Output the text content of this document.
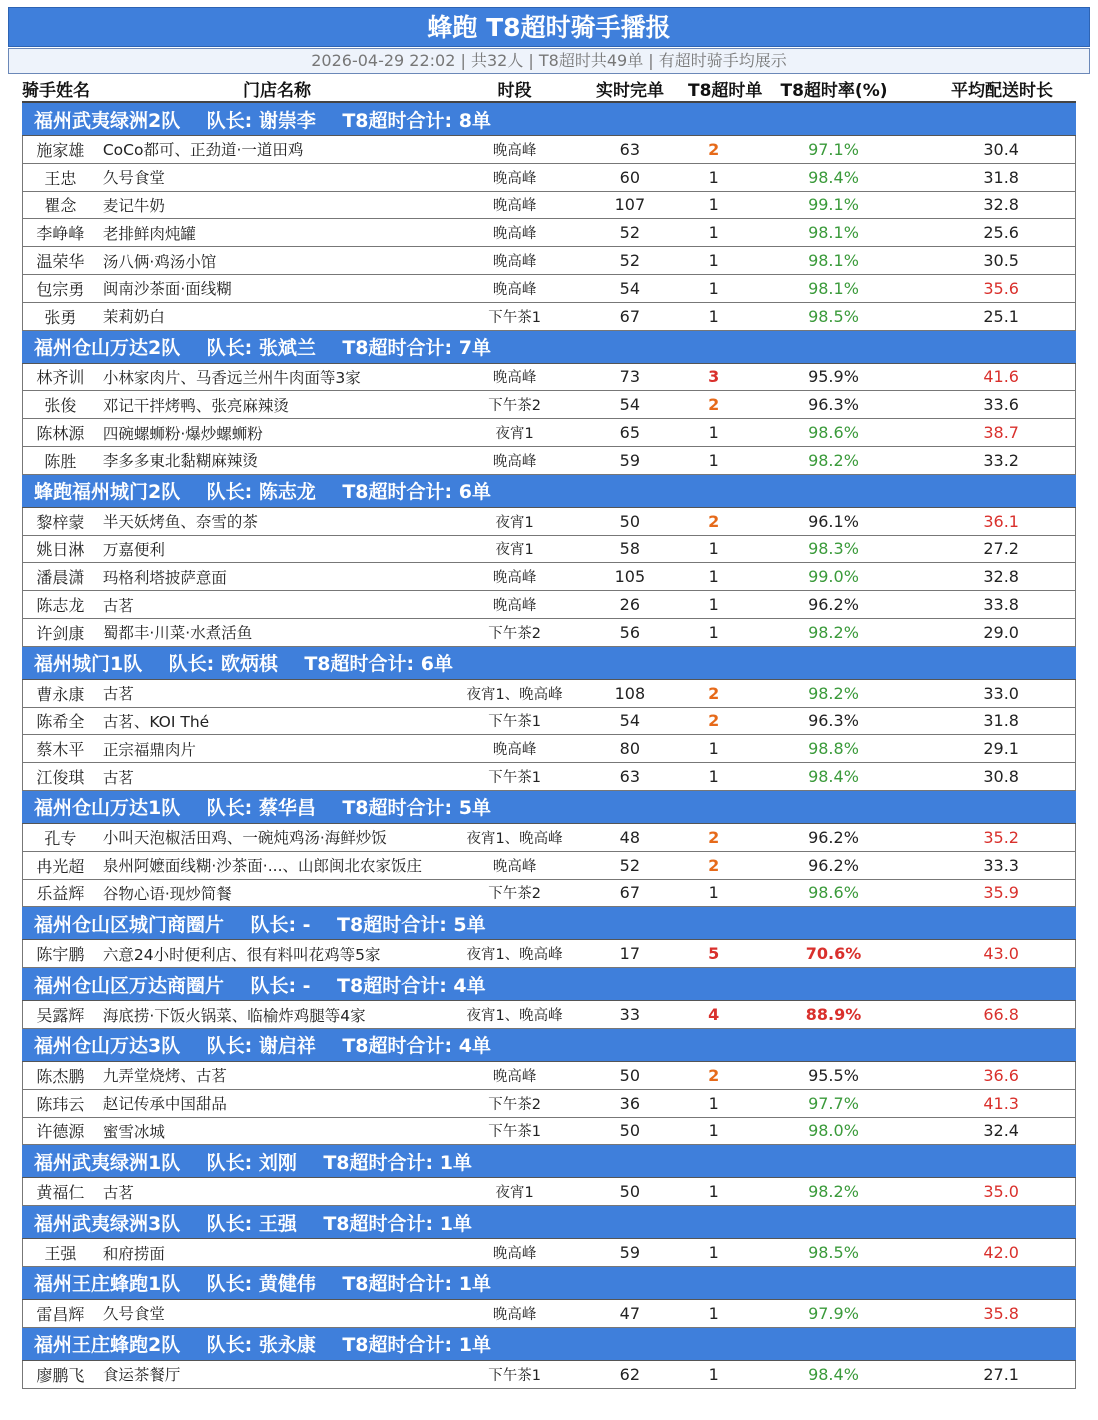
蜂跑 T8超时骑手播报
2026-04-29 22:02 | 共32人 | T8超时共49单 | 有超时骑手均展示
骑手姓名	门店名称	时段	实时完单	T8超时单	T8超时率(%)	平均配送时长
福州武夷绿洲2队    队长: 谢崇李    T8超时合计: 8单
施家雄	CoCo都可、正劲道·一道田鸡	晚高峰	63	2	97.1%	30.4
王忠	久号食堂	晚高峰	60	1	98.4%	31.8
瞿念	麦记牛奶	晚高峰	107	1	99.1%	32.8
李峥峰	老排鲜肉炖罐	晚高峰	52	1	98.1%	25.6
温荣华	汤八俩·鸡汤小馆	晚高峰	52	1	98.1%	30.5
包宗勇	闽南沙茶面·面线糊	晚高峰	54	1	98.1%	35.6
张勇	茉莉奶白	下午茶1	67	1	98.5%	25.1
福州仓山万达2队    队长: 张斌兰    T8超时合计: 7单
林齐训	小林家肉片、马香远兰州牛肉面等3家	晚高峰	73	3	95.9%	41.6
张俊	邓记干拌烤鸭、张亮麻辣烫	下午茶2	54	2	96.3%	33.6
陈林源	四碗螺蛳粉·爆炒螺蛳粉	夜宵1	65	1	98.6%	38.7
陈胜	李多多東北黏糊麻辣烫	晚高峰	59	1	98.2%	33.2
蜂跑福州城门2队    队长: 陈志龙    T8超时合计: 6单
黎梓蒙	半天妖烤鱼、奈雪的茶	夜宵1	50	2	96.1%	36.1
姚日淋	万嘉便利	夜宵1	58	1	98.3%	27.2
潘晨潇	玛格利塔披萨意面	晚高峰	105	1	99.0%	32.8
陈志龙	古茗	晚高峰	26	1	96.2%	33.8
许剑康	蜀都丰·川菜·水煮活鱼	下午茶2	56	1	98.2%	29.0
福州城门1队    队长: 欧炳棋    T8超时合计: 6单
曹永康	古茗	夜宵1、晚高峰	108	2	98.2%	33.0
陈希全	古茗、KOI Thé	下午茶1	54	2	96.3%	31.8
蔡木平	正宗福鼎肉片	晚高峰	80	1	98.8%	29.1
江俊琪	古茗	下午茶1	63	1	98.4%	30.8
福州仓山万达1队    队长: 蔡华昌    T8超时合计: 5单
孔专	小叫天泡椒活田鸡、一碗炖鸡汤·海鲜炒饭	夜宵1、晚高峰	48	2	96.2%	35.2
冉光超	泉州阿嬷面线糊·沙茶面·...、山郎闽北农家饭庄	晚高峰	52	2	96.2%	33.3
乐益辉	谷物心语·现炒简餐	下午茶2	67	1	98.6%	35.9
福州仓山区城门商圈片    队长: -    T8超时合计: 5单
陈宇鹏	六意24小时便利店、很有料叫花鸡等5家	夜宵1、晚高峰	17	5	70.6%	43.0
福州仓山区万达商圈片    队长: -    T8超时合计: 4单
吴露辉	海底捞·下饭火锅菜、临榆炸鸡腿等4家	夜宵1、晚高峰	33	4	88.9%	66.8
福州仓山万达3队    队长: 谢启祥    T8超时合计: 4单
陈杰鹏	九弄堂烧烤、古茗	晚高峰	50	2	95.5%	36.6
陈玮云	赵记传承中国甜品	下午茶2	36	1	97.7%	41.3
许德源	蜜雪冰城	下午茶1	50	1	98.0%	32.4
福州武夷绿洲1队    队长: 刘刚    T8超时合计: 1单
黄福仁	古茗	夜宵1	50	1	98.2%	35.0
福州武夷绿洲3队    队长: 王强    T8超时合计: 1单
王强	和府捞面	晚高峰	59	1	98.5%	42.0
福州王庄蜂跑1队    队长: 黄健伟    T8超时合计: 1单
雷昌辉	久号食堂	晚高峰	47	1	97.9%	35.8
福州王庄蜂跑2队    队长: 张永康    T8超时合计: 1单
廖鹏飞	食运茶餐厅	下午茶1	62	1	98.4%	27.1
